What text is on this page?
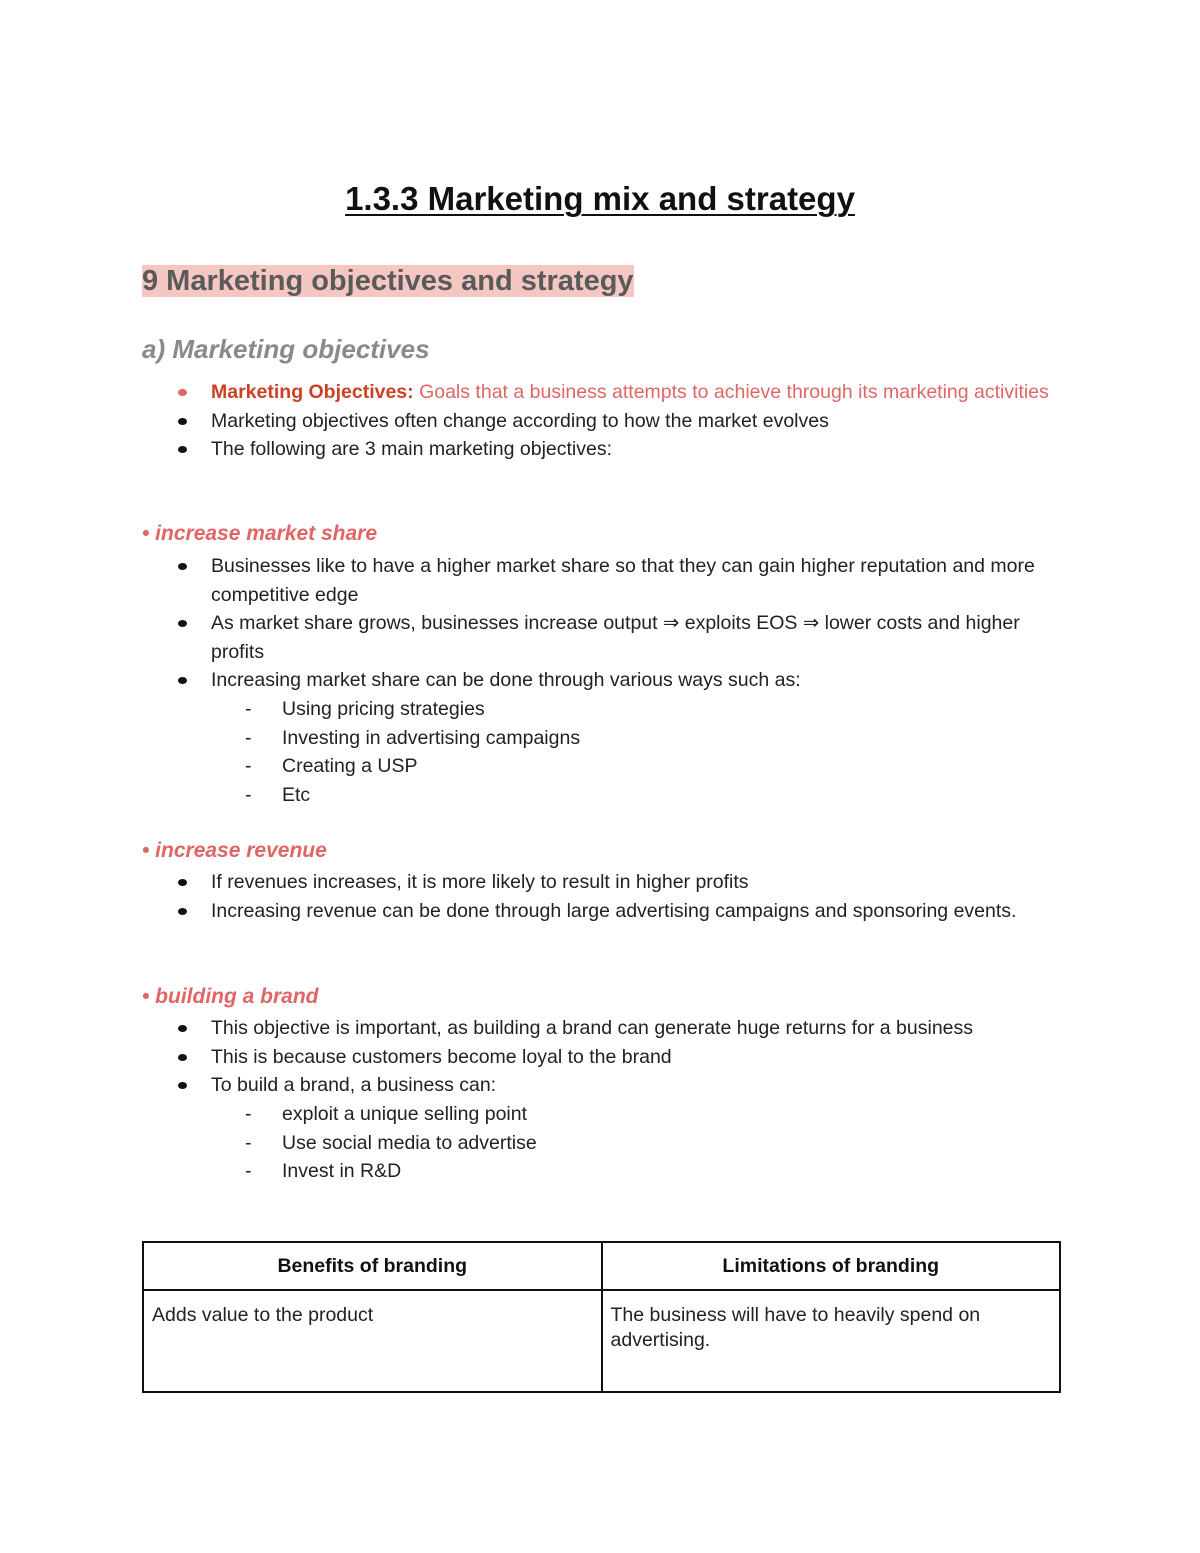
1.3.3 Marketing mix and strategy
9 Marketing objectives and strategy
a) Marketing objectives
Marketing Objectives: Goals that a business attempts to achieve through its marketing activities
Marketing objectives often change according to how the market evolves
The following are 3 main marketing objectives:
• increase market share
Businesses like to have a higher market share so that they can gain higher reputation and more competitive edge
As market share grows, businesses increase output ⇒ exploits EOS ⇒ lower costs and higher profits
Increasing market share can be done through various ways such as:
- Using pricing strategies
- Investing in advertising campaigns
- Creating a USP
- Etc
• increase revenue
If revenues increases, it is more likely to result in higher profits
Increasing revenue can be done through large advertising campaigns and sponsoring events.
• building a brand
This objective is important, as building a brand can generate huge returns for a business
This is because customers become loyal to the brand
To build a brand, a business can:
- exploit a unique selling point
- Use social media to advertise
- Invest in R&D
Benefits of branding	Limitations of branding
Adds value to the product	The business will have to heavily spend on advertising.
